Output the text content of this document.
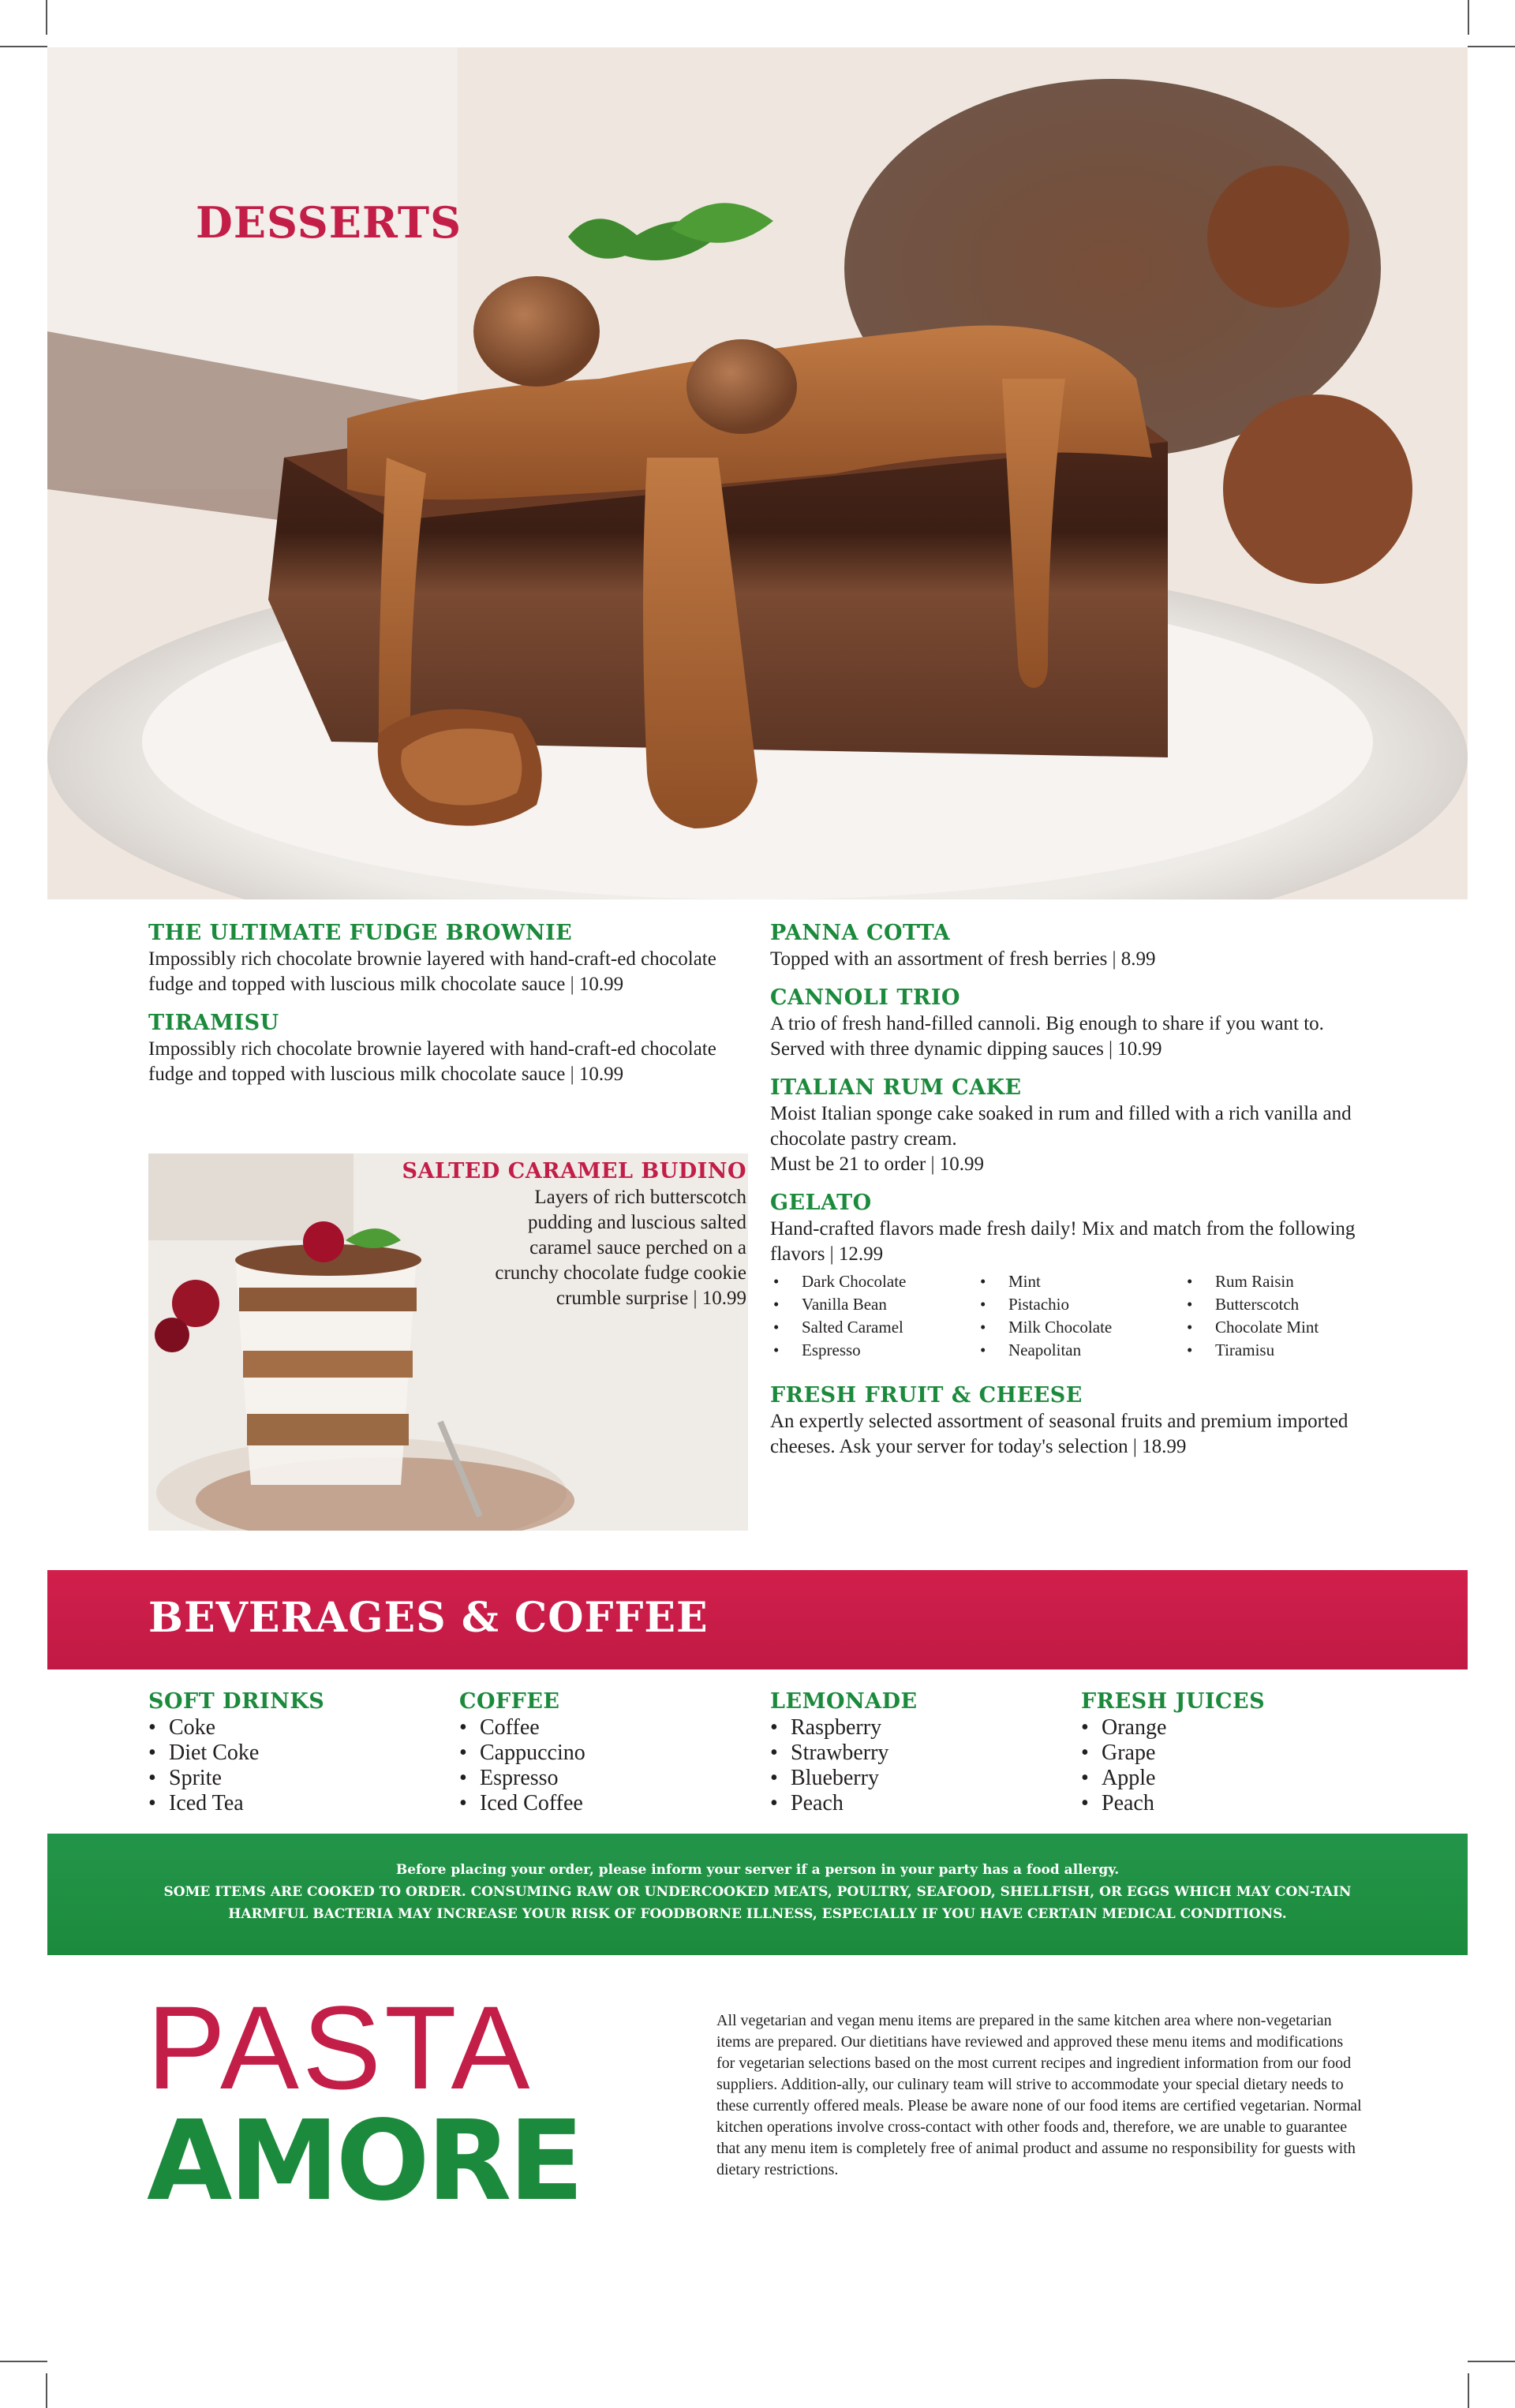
DESSERTS

THE ULTIMATE FUDGE BROWNIE

Impossibly rich chocolate brownie layered with hand-craft-ed chocolate fudge and topped with luscious milk chocolate sauce | 10.99

TIRAMISU

Impossibly rich chocolate brownie layered with hand-craft-ed chocolate fudge and topped with luscious milk chocolate sauce | 10.99

SALTED CARAMEL BUDINO

Layers of rich butterscotch pudding and luscious salted caramel sauce perched on a crunchy chocolate fudge cookie crumble surprise | 10.99

PANNA COTTA

Topped with an assortment of fresh berries | 8.99

CANNOLI TRIO

A trio of fresh hand-filled cannoli. Big enough to share if you want to. Served with three dynamic dipping sauces | 10.99

ITALIAN RUM CAKE

Moist Italian sponge cake soaked in rum and filled with a rich vanilla and chocolate pastry cream.

Must be 21 to order | 10.99

GELATO

Hand-crafted flavors made fresh daily! Mix and match from the following flavors | 12.99

• Dark Chocolate	• Mint	• Rum Raisin
• Vanilla Bean	• Pistachio	• Butterscotch
• Salted Caramel	• Milk Chocolate	• Chocolate Mint
• Espresso	• Neapolitan	• Tiramisu

FRESH FRUIT & CHEESE

An expertly selected assortment of seasonal fruits and premium imported cheeses. Ask your server for today's selection | 18.99

BEVERAGES & COFFEE

SOFT DRINKS

• Coke
• Diet Coke
• Sprite
• Iced Tea

COFFEE

• Coffee
• Cappuccino
• Espresso
• Iced Coffee

LEMONADE

• Raspberry
• Strawberry
• Blueberry
• Peach

FRESH JUICES

• Orange
• Grape
• Apple
• Peach
Before placing your order, please inform your server if a person in your party has a food allergy.
SOME ITEMS ARE COOKED TO ORDER. CONSUMING RAW OR UNDERCOOKED MEATS, POULTRY, SEAFOOD, SHELLFISH, OR EGGS WHICH MAY CON-TAIN HARMFUL BACTERIA MAY INCREASE YOUR RISK OF FOODBORNE ILLNESS, ESPECIALLY IF YOU HAVE CERTAIN MEDICAL CONDITIONS.

PASTA

AMORE

All vegetarian and vegan menu items are prepared in the same kitchen area where non-vegetarian items are prepared. Our dietitians have reviewed and approved these menu items and modifications for vegetarian selections based on the most current recipes and ingredient information from our food suppliers. Addition-ally, our culinary team will strive to accommodate your special dietary needs to these currently offered meals. Please be aware none of our food items are certified vegetarian. Normal kitchen operations involve cross-contact with other foods and, therefore, we are unable to guarantee that any menu item is completely free of animal product and assume no responsibility for guests with dietary restrictions.
